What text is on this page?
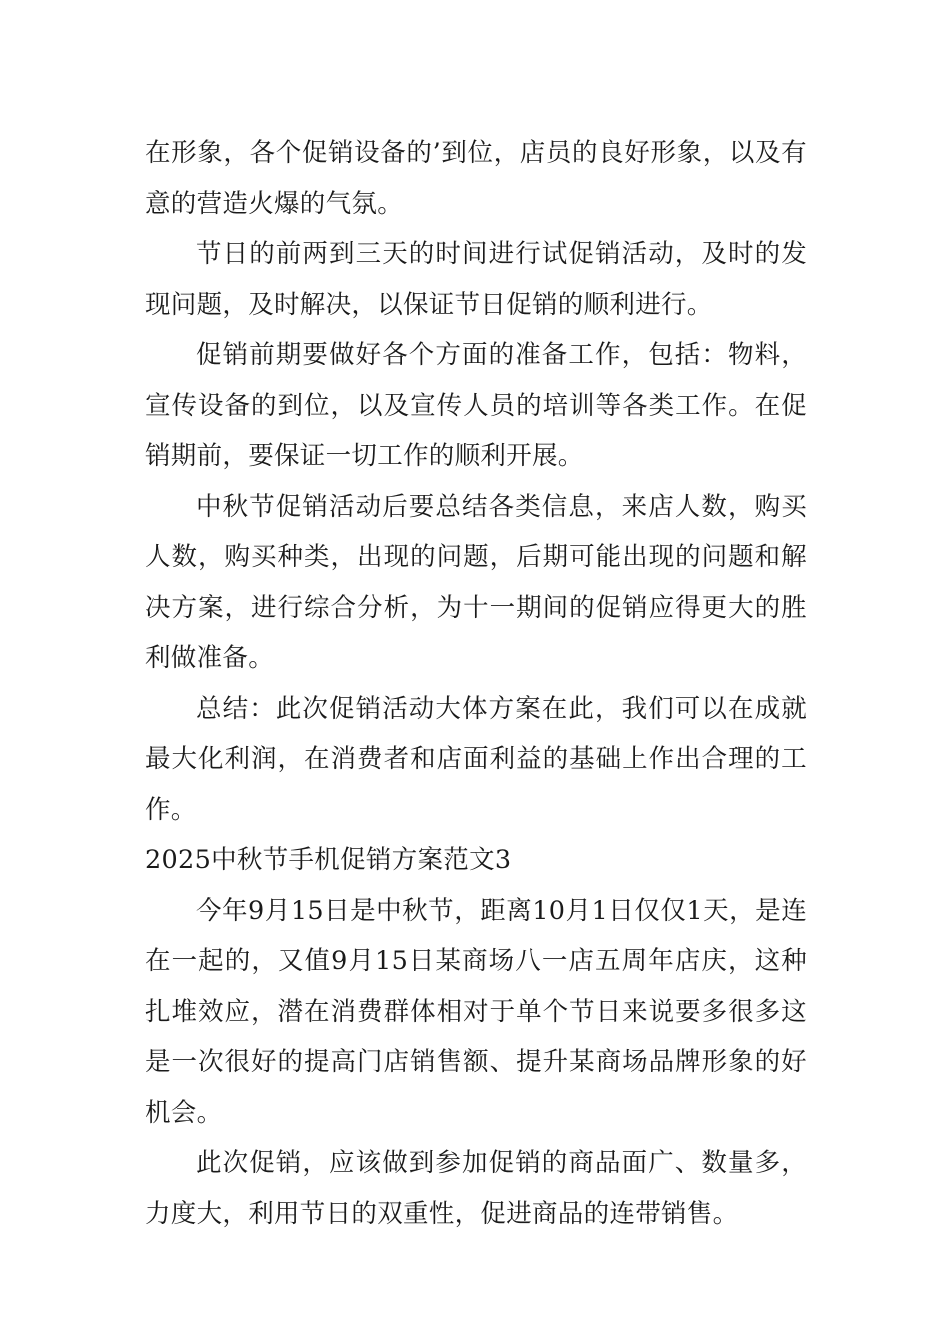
在形象，各个促销设备的’到位，店员的良好形象，以及有意的营造火爆的气氛。

节日的前两到三天的时间进行试促销活动，及时的发现问题，及时解决，以保证节日促销的顺利进行。

促销前期要做好各个方面的准备工作，包括：物料，宣传设备的到位，以及宣传人员的培训等各类工作。在促销期前，要保证一切工作的顺利开展。

中秋节促销活动后要总结各类信息，来店人数，购买人数，购买种类，出现的问题，后期可能出现的问题和解决方案，进行综合分析，为十一期间的促销应得更大的胜利做准备。

总结：此次促销活动大体方案在此，我们可以在成就最大化利润，在消费者和店面利益的基础上作出合理的工作。

2025中秋节手机促销方案范文3

今年9月15日是中秋节，距离10月1日仅仅1天，是连在一起的，又值9月15日某商场八一店五周年店庆，这种扎堆效应，潜在消费群体相对于单个节日来说要多很多这是一次很好的提高门店销售额、提升某商场品牌形象的好机会。

此次促销，应该做到参加促销的商品面广、数量多，力度大，利用节日的双重性，促进商品的连带销售。
